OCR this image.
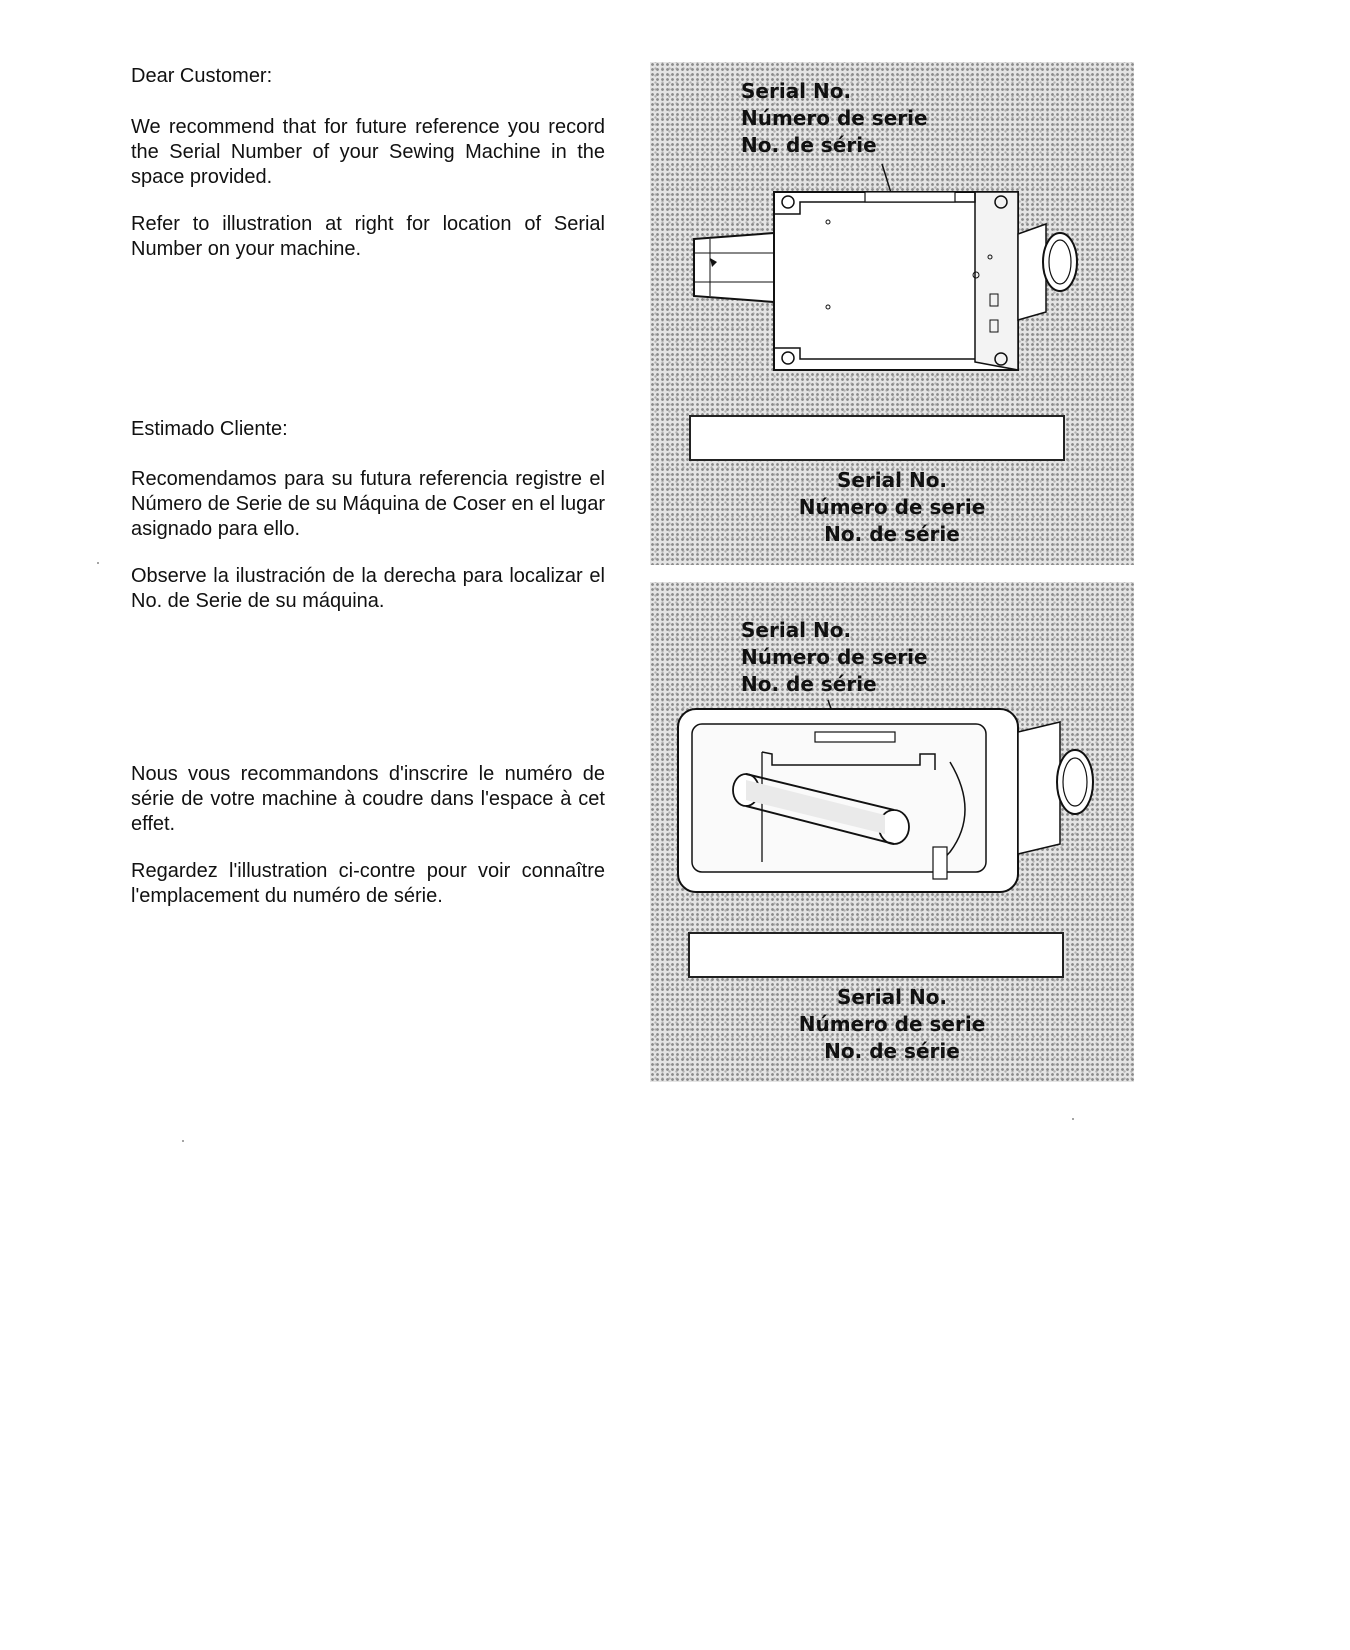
Dear Customer:

We recommend that for future reference you record the Serial Number of your Sewing Machine in the space provided.

Refer to illustration at right for location of Serial Number on your machine.

Estimado Cliente:

Recomendamos para su futura referencia registre el Número de Serie de su Máquina de Coser en el lugar asignado para ello.

Observe la ilustración de la derecha para localizar el No. de Serie de su máquina.

Nous vous recommandons d'inscrire le numéro de série de votre machine à coudre dans l'espace à cet effet.

Regardez l'illustration ci-contre pour voir connaître l'emplacement du numéro de série.

Serial No.
Número de serie
No. de série
Serial No.
Número de serie
No. de série
Serial No.
Número de serie
No. de série
Serial No.
Número de serie
No. de série
